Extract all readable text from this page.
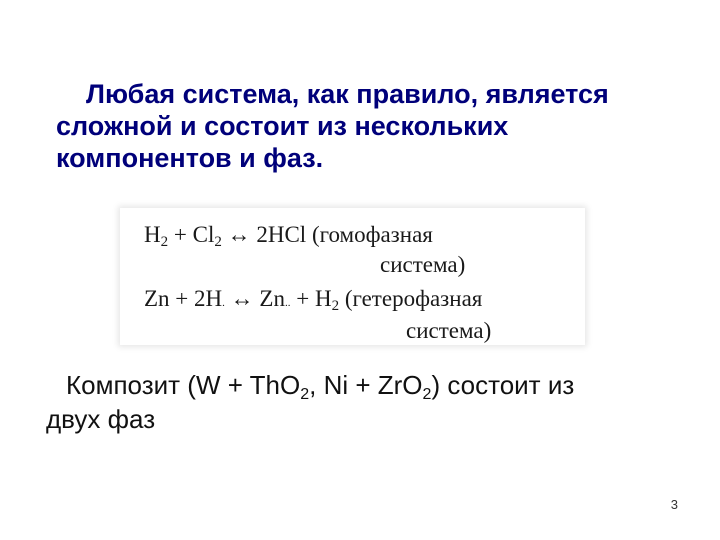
Любая система, как правило, является
сложной и состоит из нескольких
компонентов и фаз.
$H_2 + Cl_2$ ↔ 2HCl (гомофазная
система)
Zn + 2H. ↔ Zn.. + $H_2$ (гетерофазная
система)
Композит (W + ThO$_2$, Ni + ZrO$_2$) состоит из
двух фаз
3
